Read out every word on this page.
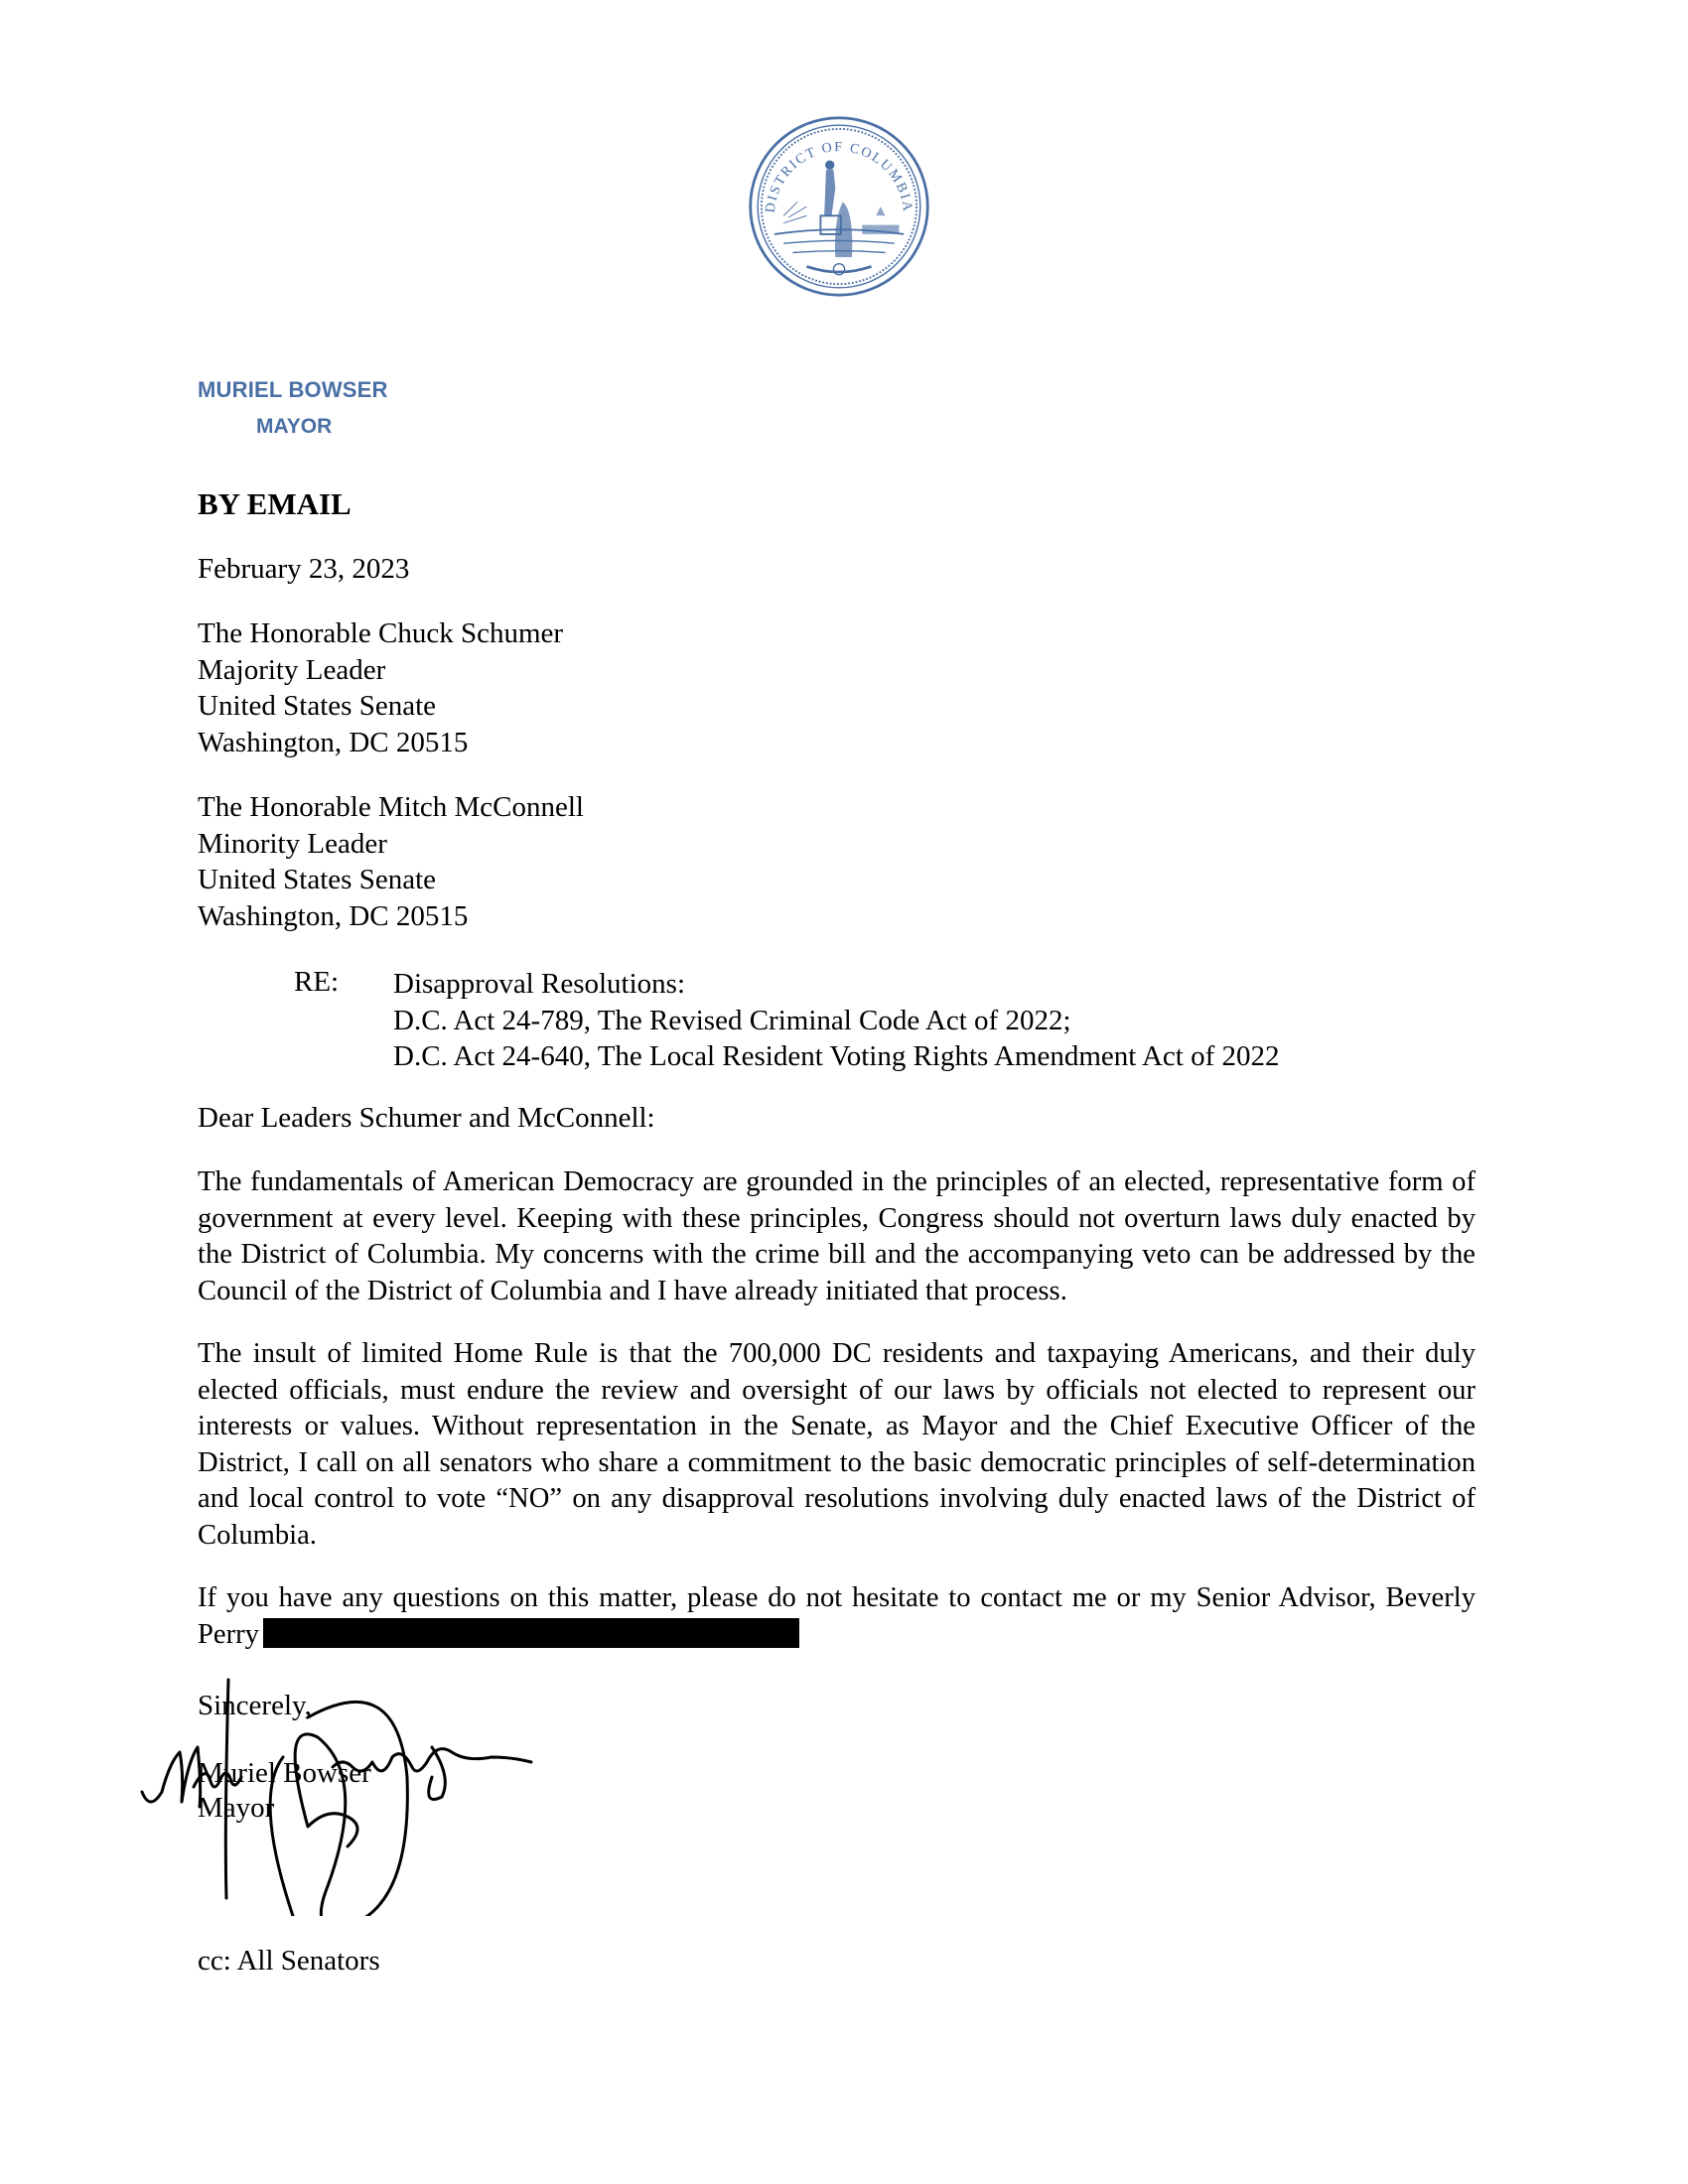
DISTRICT OF COLUMBIA
MURIEL BOWSER
MAYOR
BY EMAIL
February 23, 2023
The Honorable Chuck Schumer
Majority Leader
United States Senate
Washington, DC 20515
The Honorable Mitch McConnell
Minority Leader
United States Senate
Washington, DC 20515
RE: Disapproval Resolutions:
D.C. Act 24-789, The Revised Criminal Code Act of 2022;
D.C. Act 24-640, The Local Resident Voting Rights Amendment Act of 2022
Dear Leaders Schumer and McConnell:
The fundamentals of American Democracy are grounded in the principles of an elected, representative form of government at every level. Keeping with these principles, Congress should not overturn laws duly enacted by the District of Columbia. My concerns with the crime bill and the accompanying veto can be addressed by the Council of the District of Columbia and I have already initiated that process.
The insult of limited Home Rule is that the 700,000 DC residents and taxpaying Americans, and their duly elected officials, must endure the review and oversight of our laws by officials not elected to represent our interests or values. Without representation in the Senate, as Mayor and the Chief Executive Officer of the District, I call on all senators who share a commitment to the basic democratic principles of self-determination and local control to vote “NO” on any disapproval resolutions involving duly enacted laws of the District of Columbia.
If you have any questions on this matter, please do not hesitate to contact me or my Senior Advisor, Beverly Perry
Sincerely,
Muriel Bowser
Mayor
cc: All Senators
